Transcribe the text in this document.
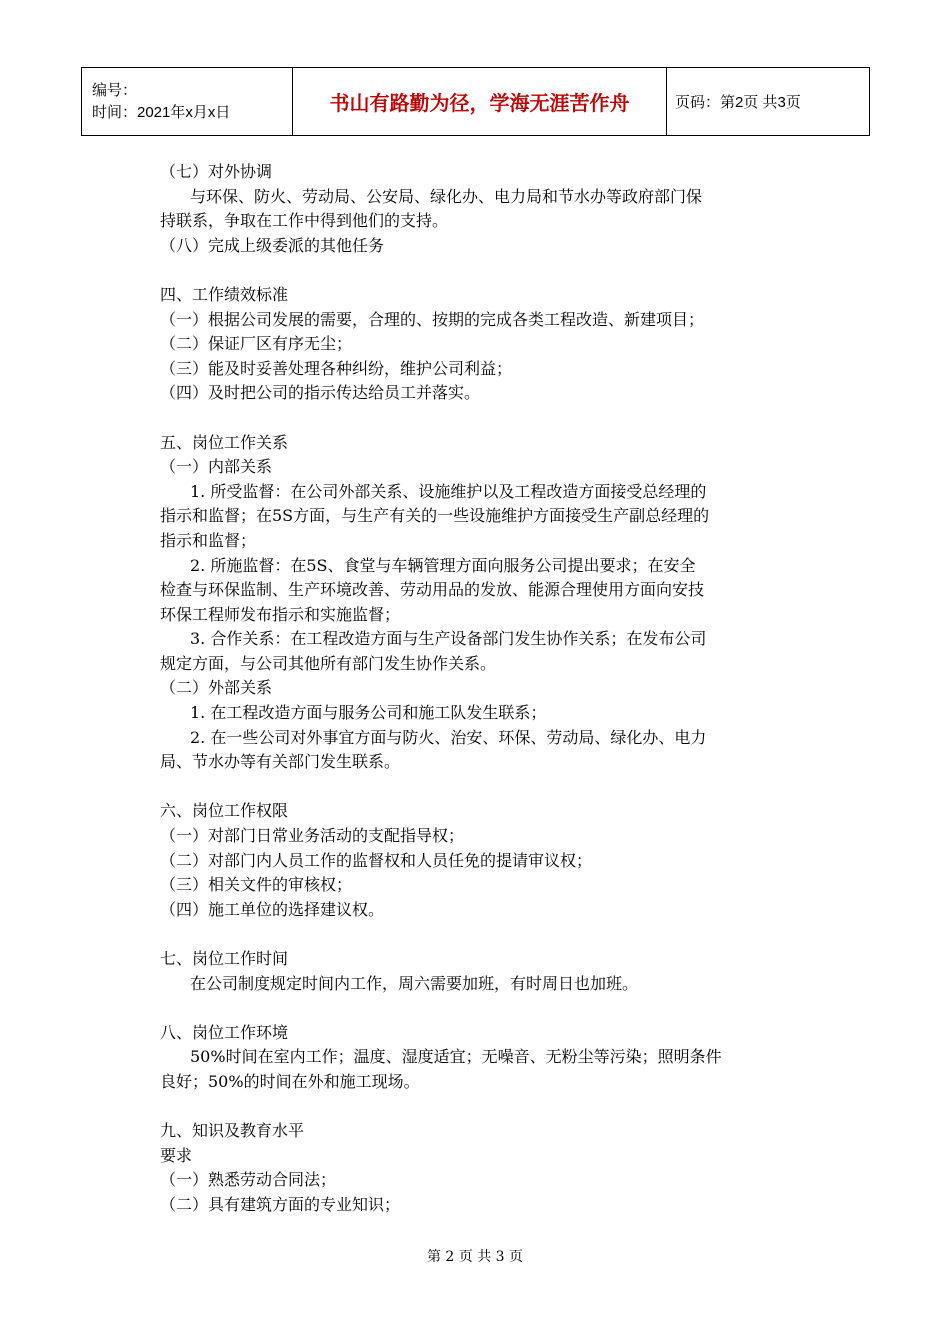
编号：
时间：2021年x月x日	书山有路勤为径，学海无涯苦作舟	页码：第2页 共3页
（七）对外协调
与环保、防火、劳动局、公安局、绿化办、电力局和节水办等政府部门保
持联系，争取在工作中得到他们的支持。
（八）完成上级委派的其他任务
四、工作绩效标准
（一）根据公司发展的需要，合理的、按期的完成各类工程改造、新建项目；
（二）保证厂区有序无尘；
（三）能及时妥善处理各种纠纷，维护公司利益；
（四）及时把公司的指示传达给员工并落实。
五、岗位工作关系
（一）内部关系
1. 所受监督：在公司外部关系、设施维护以及工程改造方面接受总经理的
指示和监督；在5S方面，与生产有关的一些设施维护方面接受生产副总经理的
指示和监督；
2. 所施监督：在5S、食堂与车辆管理方面向服务公司提出要求；在安全
检查与环保监制、生产环境改善、劳动用品的发放、能源合理使用方面向安技
环保工程师发布指示和实施监督；
3. 合作关系：在工程改造方面与生产设备部门发生协作关系；在发布公司
规定方面，与公司其他所有部门发生协作关系。
（二）外部关系
1. 在工程改造方面与服务公司和施工队发生联系；
2. 在一些公司对外事宜方面与防火、治安、环保、劳动局、绿化办、电力
局、节水办等有关部门发生联系。
六、岗位工作权限
（一）对部门日常业务活动的支配指导权；
（二）对部门内人员工作的监督权和人员任免的提请审议权；
（三）相关文件的审核权；
（四）施工单位的选择建议权。
七、岗位工作时间
在公司制度规定时间内工作，周六需要加班，有时周日也加班。
八、岗位工作环境
50%时间在室内工作；温度、湿度适宜；无噪音、无粉尘等污染；照明条件
良好；50%的时间在外和施工现场。
九、知识及教育水平
要求
（一）熟悉劳动合同法；
（二）具有建筑方面的专业知识；
第 2 页 共 3 页
